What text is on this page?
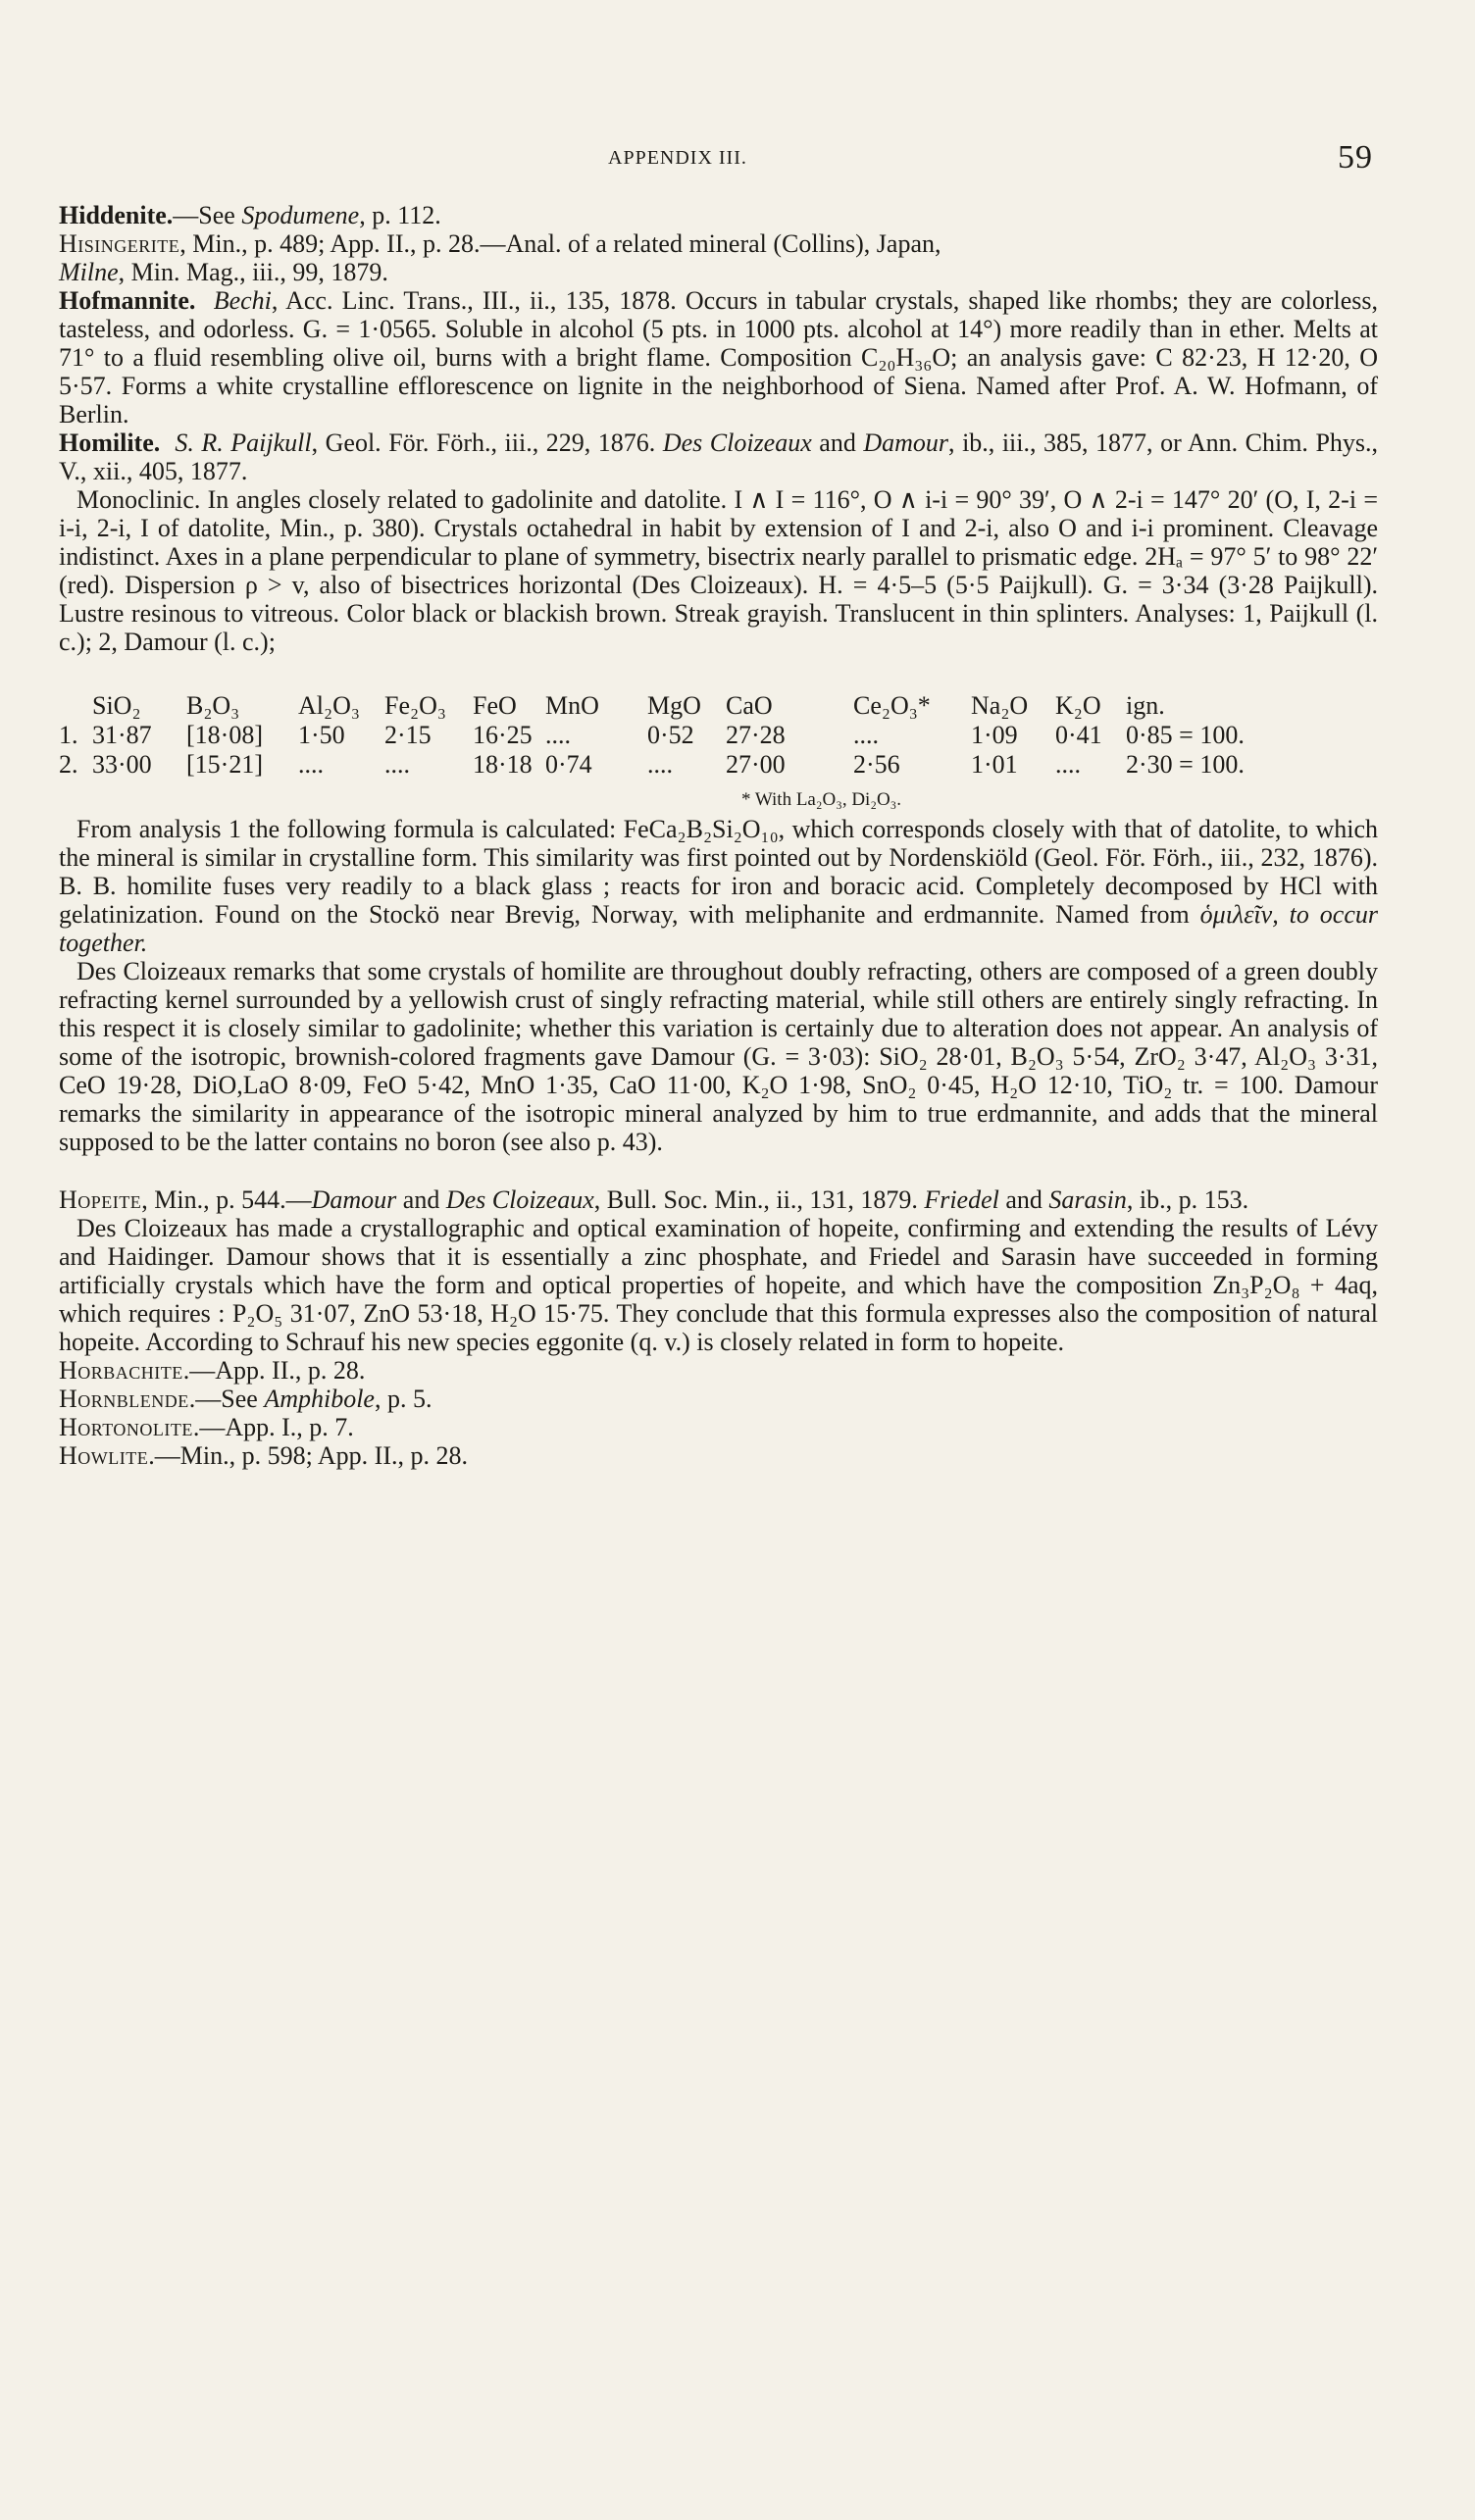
APPENDIX III.	59

Hiddenite.—See Spodumene, p. 112.

Hisingerite, Min., p. 489; App. II., p. 28.—Anal. of a related mineral (Collins), Japan,
Milne, Min. Mag., iii., 99, 1879.

Hofmannite. Bechi, Acc. Linc. Trans., III., ii., 135, 1878. Occurs in tabular crystals, shaped like rhombs; they are colorless, tasteless, and odorless. G. = 1·0565. Soluble in alcohol (5 pts. in 1000 pts. alcohol at 14°) more readily than in ether. Melts at 71° to a fluid resembling olive oil, burns with a bright flame. Composition C₂₀H₃₆O; an analysis gave: C 82·23, H 12·20, O 5·57. Forms a white crystalline efflorescence on lignite in the neighborhood of Siena. Named after Prof. A. W. Hofmann, of Berlin.

Homilite. S. R. Paijkull, Geol. För. Förh., iii., 229, 1876. Des Cloizeaux and Damour, ib., iii., 385, 1877, or Ann. Chim. Phys., V., xii., 405, 1877.

Monoclinic. In angles closely related to gadolinite and datolite. I ∧ I = 116°, O ∧ i-i = 90° 39′, O ∧ 2-i = 147° 20′ (O, I, 2-i = i-i, 2-i, I of datolite, Min., p. 380). Crystals octahedral in habit by extension of I and 2-i, also O and i-i prominent. Cleavage indistinct. Axes in a plane perpendicular to plane of symmetry, bisectrix nearly parallel to prismatic edge. 2Hₐ = 97° 5′ to 98° 22′ (red). Dispersion ρ > v, also of bisectrices horizontal (Des Cloizeaux). H. = 4·5–5 (5·5 Paijkull). G. = 3·34 (3·28 Paijkull). Lustre resinous to vitreous. Color black or blackish brown. Streak grayish. Translucent in thin splinters. Analyses: 1, Paijkull (l. c.); 2, Damour (l. c.);

SiO₂	B₂O₃	Al₂O₃ Fe₂O₃	FeO	MnO	MgO CaO	Ce₂O₃*	Na₂O	K₂O ign.
1. 31·87	[18·08]	1·50	2·15	16·25 ....	0·52	27·28	....	1·09	0·41 0·85 = 100.
2. 33·00	[15·21]	....	....	18·18 0·74	....	27·00	2·56	1·01	....	2·30 = 100.
* With La₂O₃, Di₂O₃.

From analysis 1 the following formula is calculated: FeCa₂B₂Si₂O₁₀, which corresponds closely with that of datolite, to which the mineral is similar in crystalline form. This similarity was first pointed out by Nordenskiöld (Geol. För. Förh., iii., 232, 1876). B. B. homilite fuses very readily to a black glass ; reacts for iron and boracic acid. Completely decomposed by HCl with gelatinization. Found on the Stockö near Brevig, Norway, with meliphanite and erdmannite. Named from ὁμιλεῖν, to occur together.

Des Cloizeaux remarks that some crystals of homilite are throughout doubly refracting, others are composed of a green doubly refracting kernel surrounded by a yellowish crust of singly refracting material, while still others are entirely singly refracting. In this respect it is closely similar to gadolinite; whether this variation is certainly due to alteration does not appear. An analysis of some of the isotropic, brownish-colored fragments gave Damour (G. = 3·03): SiO₂ 28·01, B₂O₃ 5·54, ZrO₂ 3·47, Al₂O₃ 3·31, CeO 19·28, DiO,LaO 8·09, FeO 5·42, MnO 1·35, CaO 11·00, K₂O 1·98, SnO₂ 0·45, H₂O 12·10, TiO₂ tr. = 100. Damour remarks the similarity in appearance of the isotropic mineral analyzed by him to true erdmannite, and adds that the mineral supposed to be the latter contains no boron (see also p. 43).

Hopeite, Min., p. 544.—Damour and Des Cloizeaux, Bull. Soc. Min., ii., 131, 1879. Friedel and Sarasin, ib., p. 153.

Des Cloizeaux has made a crystallographic and optical examination of hopeite, confirming and extending the results of Lévy and Haidinger. Damour shows that it is essentially a zinc phosphate, and Friedel and Sarasin have succeeded in forming artificially crystals which have the form and optical properties of hopeite, and which have the composition Zn₃P₂O₈ + 4aq, which requires : P₂O₅ 31·07, ZnO 53·18, H₂O 15·75. They conclude that this formula expresses also the composition of natural hopeite. According to Schrauf his new species eggonite (q. v.) is closely related in form to hopeite.

Horbachite.—App. II., p. 28.

Hornblende.—See Amphibole, p. 5.

Hortonolite.—App. I., p. 7.

Howlite.—Min., p. 598; App. II., p. 28.
